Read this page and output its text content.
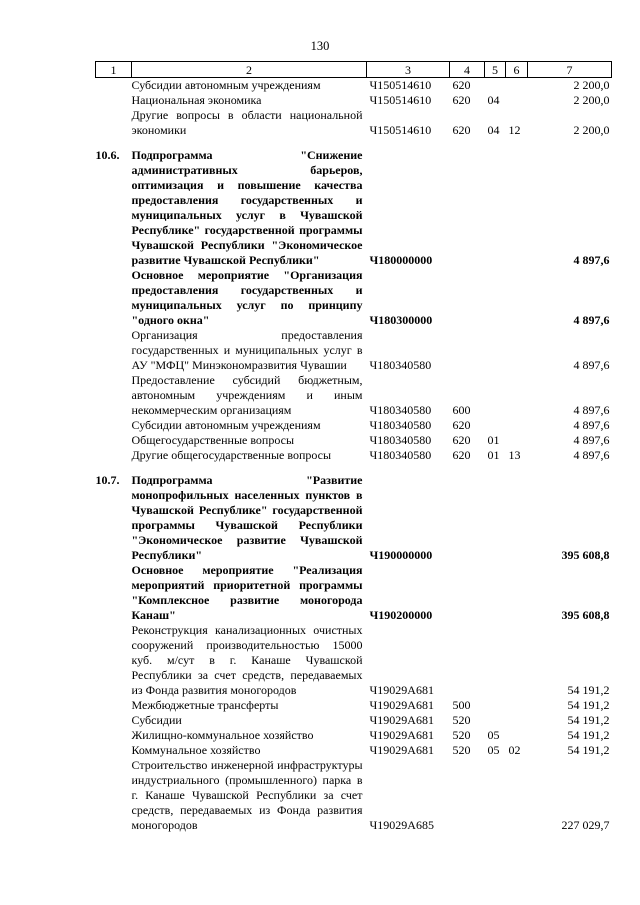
130
1	2	3	4	5	6	7
	Субсидии автономным учреждениям	Ч150514610	620			2 200,0
	Национальная экономика	Ч150514610	620	04		2 200,0
	Другие вопросы в области национальной экономики	Ч150514610	620	04	12	2 200,0

10.6.	Подпрограмма "Снижение административных барьеров, оптимизация и повышение качества предоставления государственных и муниципальных услуг в Чувашской Республике" государственной программы Чувашской Республики "Экономическое развитие Чувашской Республики"	Ч180000000				4 897,6
	Основное мероприятие "Организация предоставления государственных и муниципальных услуг по принципу "одного окна"	Ч180300000				4 897,6
	Организация предоставления государственных и муниципальных услуг в АУ "МФЦ" Минэкономразвития Чувашии	Ч180340580				4 897,6
	Предоставление субсидий бюджетным, автономным учреждениям и иным некоммерческим организациям	Ч180340580	600			4 897,6
	Субсидии автономным учреждениям	Ч180340580	620			4 897,6
	Общегосударственные вопросы	Ч180340580	620	01		4 897,6
	Другие общегосударственные вопросы	Ч180340580	620	01	13	4 897,6

10.7.	Подпрограмма "Развитие монопрофильных населенных пунктов в Чувашской Республике" государственной программы Чувашской Республики "Экономическое развитие Чувашской Республики"	Ч190000000				395 608,8
	Основное мероприятие "Реализация мероприятий приоритетной программы "Комплексное развитие моногорода Канаш"	Ч190200000				395 608,8
	Реконструкция канализационных очистных сооружений производительностью 15000 куб. м/сут в г. Канаше Чувашской Республики за счет средств, передаваемых из Фонда развития моногородов	Ч19029А681				54 191,2
	Межбюджетные трансферты	Ч19029А681	500			54 191,2
	Субсидии	Ч19029А681	520			54 191,2
	Жилищно-коммунальное хозяйство	Ч19029А681	520	05		54 191,2
	Коммунальное хозяйство	Ч19029А681	520	05	02	54 191,2
	Строительство инженерной инфраструктуры индустриального (промышленного) парка в г. Канаше Чувашской Республики за счет средств, передаваемых из Фонда развития моногородов	Ч19029А685				227 029,7
